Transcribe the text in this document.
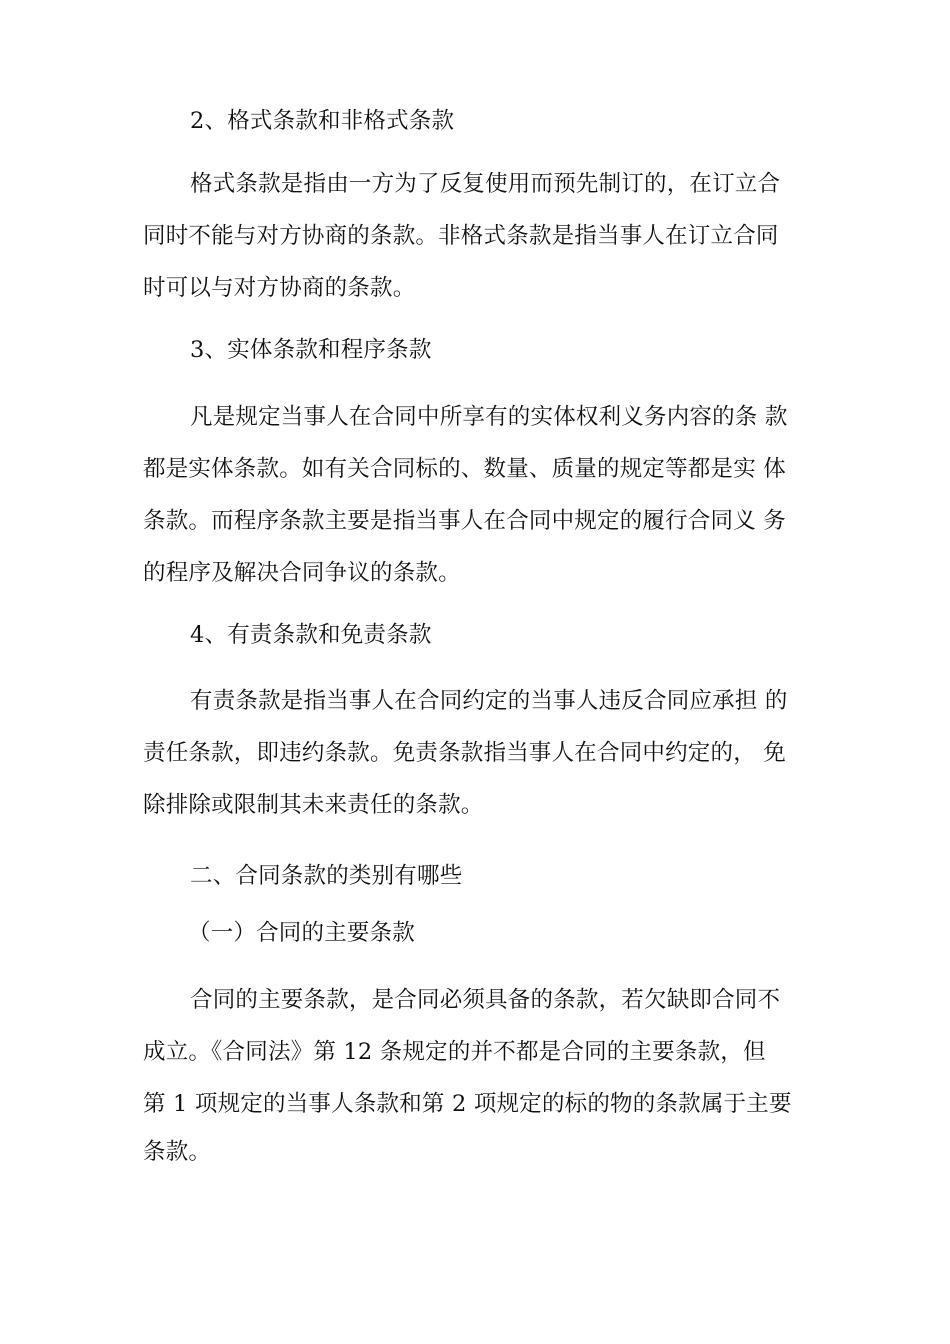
2、格式条款和非格式条款
格式条款是指由一方为了反复使用而预先制订的，在订立合
同时不能与对方协商的条款。非格式条款是指当事人在订立合同
时可以与对方协商的条款。
3、实体条款和程序条款
凡是规定当事人在合同中所享有的实体权利义务内容的条 款
都是实体条款。如有关合同标的、数量、质量的规定等都是实 体
条款。而程序条款主要是指当事人在合同中规定的履行合同义 务
的程序及解决合同争议的条款。
4、有责条款和免责条款
有责条款是指当事人在合同约定的当事人违反合同应承担 的
责任条款，即违约条款。免责条款指当事人在合同中约定的， 免
除排除或限制其未来责任的条款。
二、合同条款的类别有哪些
（一）合同的主要条款
合同的主要条款，是合同必须具备的条款，若欠缺即合同不
成立。《合同法》第 12 条规定的并不都是合同的主要条款，但
第 1 项规定的当事人条款和第 2 项规定的标的物的条款属于主要
条款。
